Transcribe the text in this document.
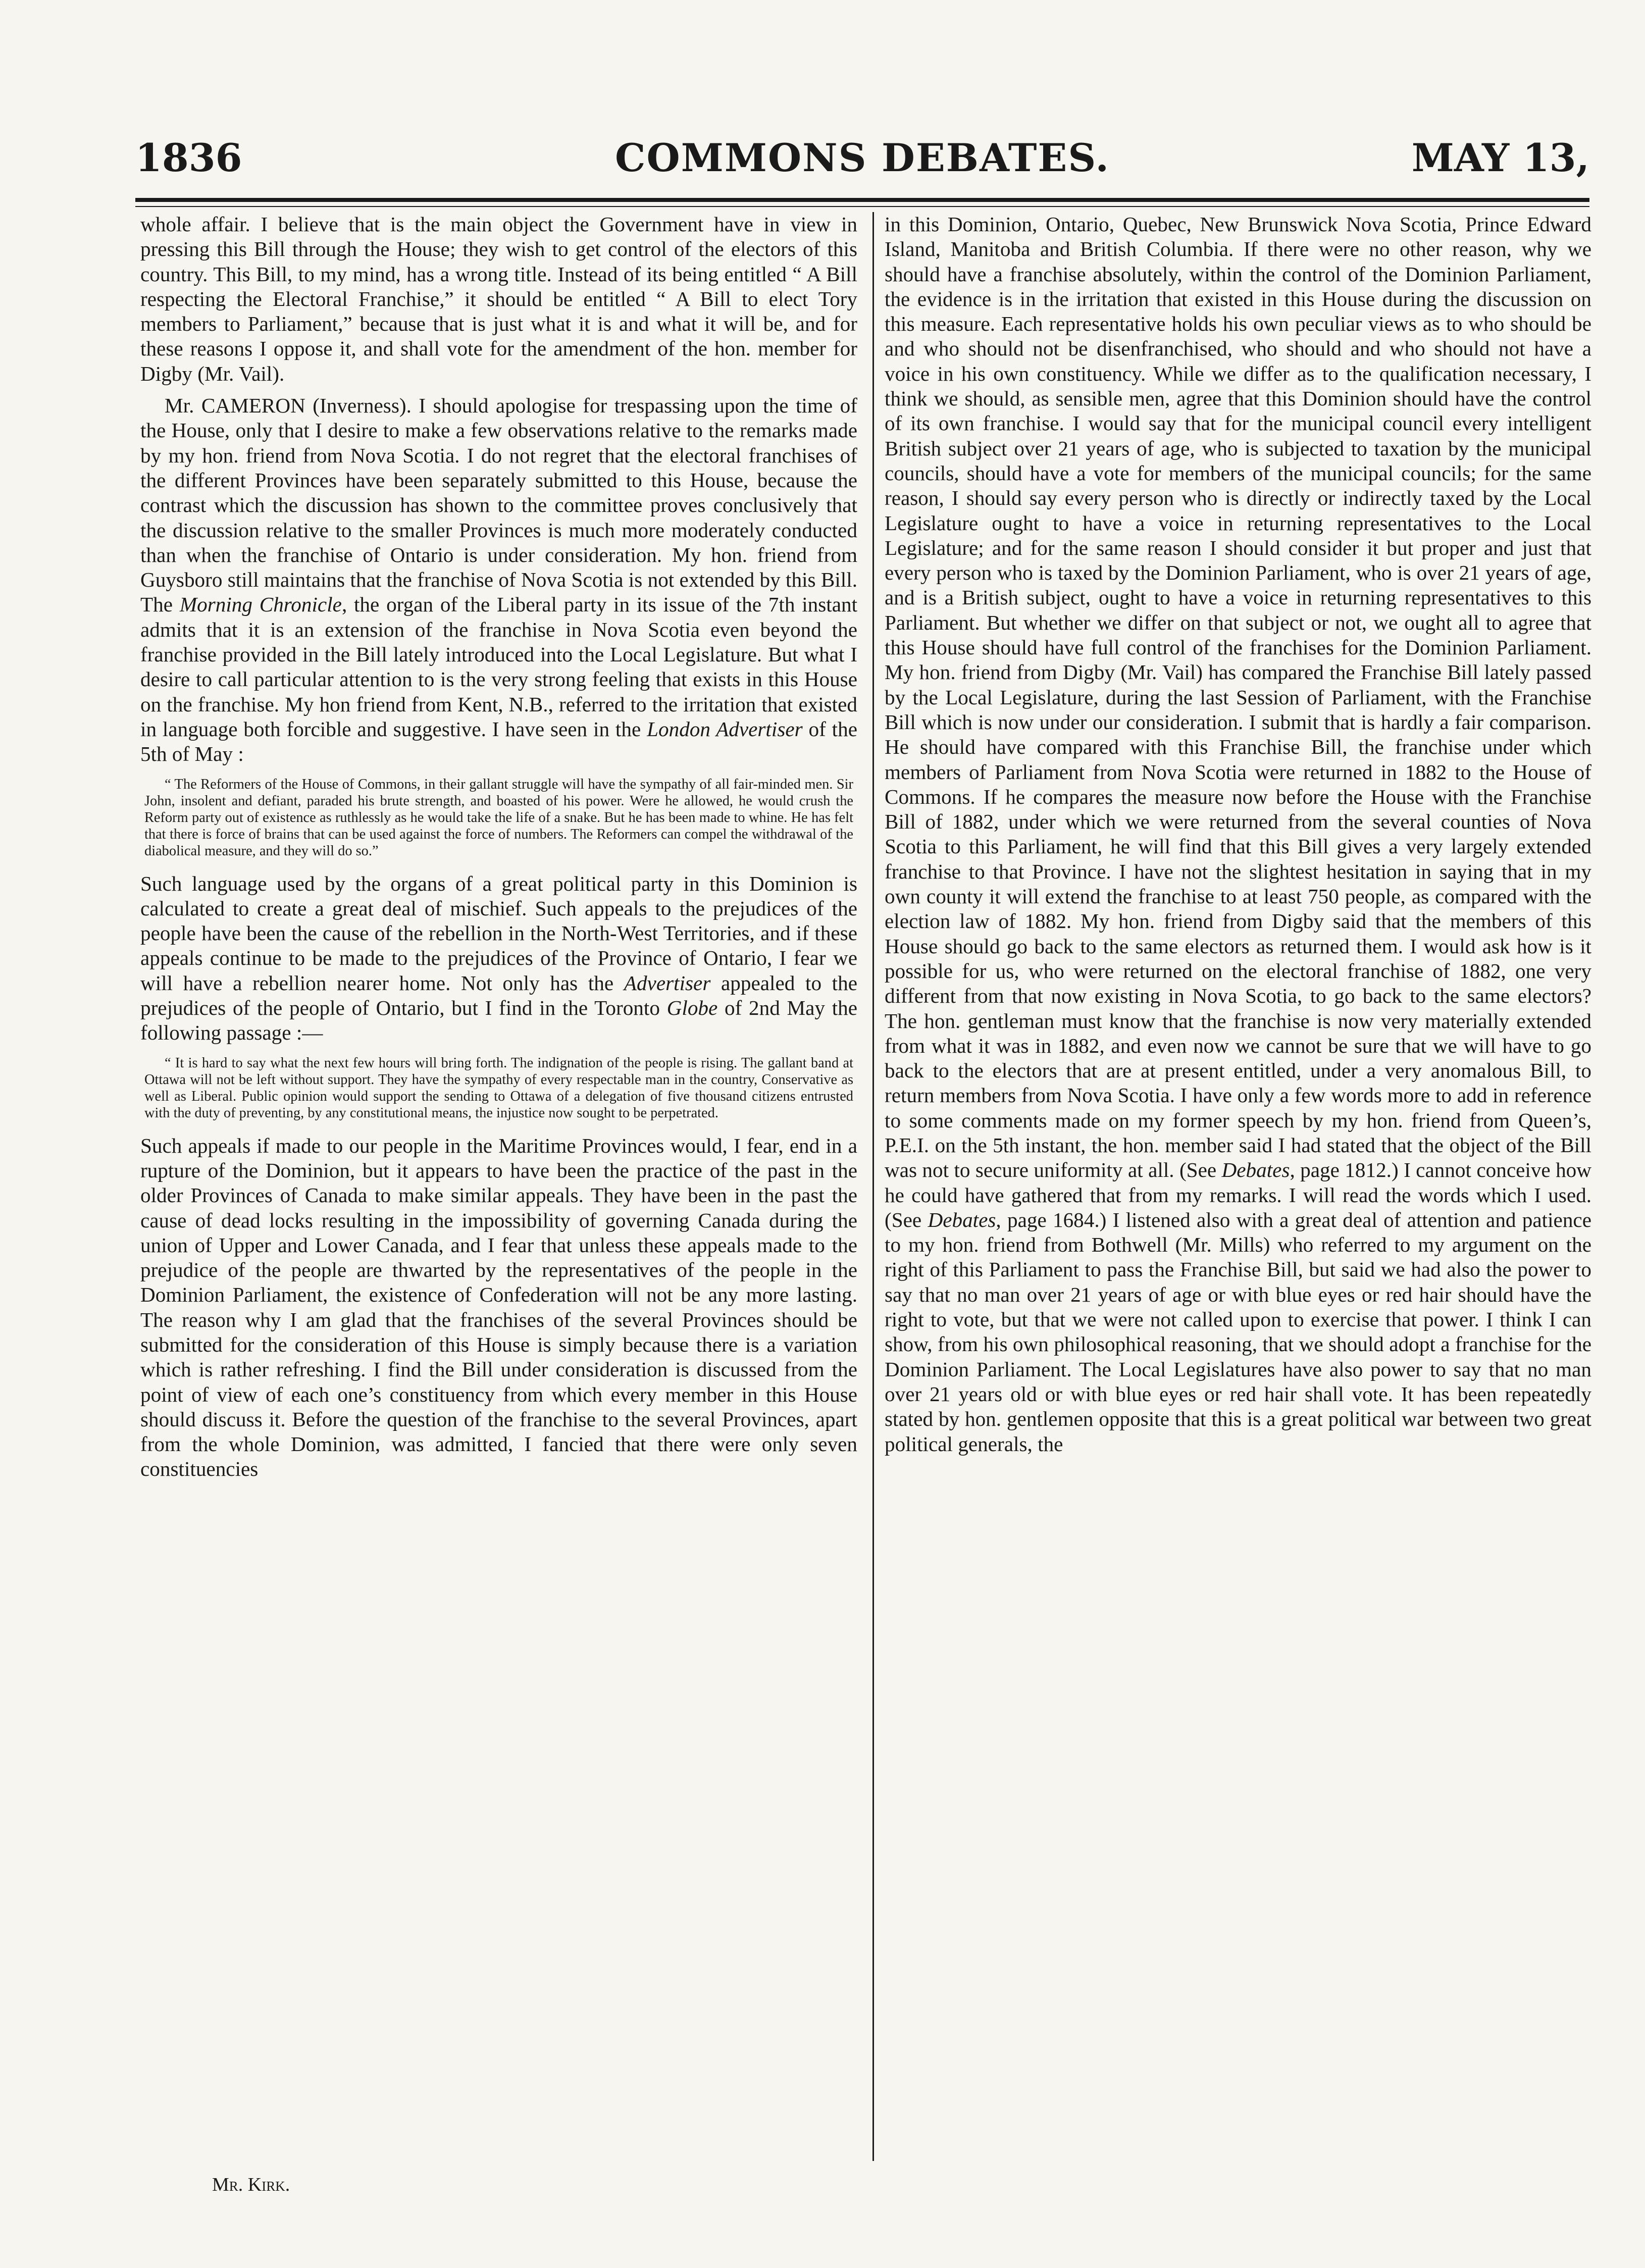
COMMONS DEBATES.
1836	MAY 13,

whole affair. I believe that is the main object the Government have in view in pressing this Bill through the House; they wish to get control of the electors of this country. This Bill, to my mind, has a wrong title. Instead of its being entitled “ A Bill respecting the Electoral Franchise,” it should be entitled “ A Bill to elect Tory members to Parliament,” because that is just what it is and what it will be, and for these reasons I oppose it, and shall vote for the amendment of the hon. member for Digby (Mr. Vail).

Mr. CAMERON (Inverness). I should apologise for trespassing upon the time of the House, only that I desire to make a few observations relative to the remarks made by my hon. friend from Nova Scotia. I do not regret that the electoral franchises of the different Provinces have been separately submitted to this House, because the contrast which the discussion has shown to the committee proves conclusively that the discussion relative to the smaller Provinces is much more moderately conducted than when the franchise of Ontario is under consideration. My hon. friend from Guysboro still maintains that the franchise of Nova Scotia is not extended by this Bill. The Morning Chronicle, the organ of the Liberal party in its issue of the 7th instant admits that it is an extension of the franchise in Nova Scotia even beyond the franchise provided in the Bill lately introduced into the Local Legislature. But what I desire to call particular attention to is the very strong feeling that exists in this House on the franchise. My hon friend from Kent, N.B., referred to the irritation that existed in language both forcible and suggestive. I have seen in the London Advertiser of the 5th of May :

“ The Reformers of the House of Commons, in their gallant struggle will have the sympathy of all fair-minded men. Sir John, insolent and defiant, paraded his brute strength, and boasted of his power. Were he allowed, he would crush the Reform party out of existence as ruthlessly as he would take the life of a snake. But he has been made to whine. He has felt that there is force of brains that can be used against the force of numbers. The Reformers can compel the withdrawal of the diabolical measure, and they will do so.”

Such language used by the organs of a great political party in this Dominion is calculated to create a great deal of mischief. Such appeals to the prejudices of the people have been the cause of the rebellion in the North-West Territories, and if these appeals continue to be made to the prejudices of the Province of Ontario, I fear we will have a rebellion nearer home. Not only has the Advertiser appealed to the prejudices of the people of Ontario, but I find in the Toronto Globe of 2nd May the following passage :—

“ It is hard to say what the next few hours will bring forth. The indignation of the people is rising. The gallant band at Ottawa will not be left without support. They have the sympathy of every respectable man in the country, Conservative as well as Liberal. Public opinion would support the sending to Ottawa of a delegation of five thousand citizens entrusted with the duty of preventing, by any constitutional means, the injustice now sought to be perpetrated.

Such appeals if made to our people in the Maritime Provinces would, I fear, end in a rupture of the Dominion, but it appears to have been the practice of the past in the older Provinces of Canada to make similar appeals. They have been in the past the cause of dead locks resulting in the impossibility of governing Canada during the union of Upper and Lower Canada, and I fear that unless these appeals made to the prejudice of the people are thwarted by the representatives of the people in the Dominion Parliament, the existence of Confederation will not be any more lasting. The reason why I am glad that the franchises of the several Provinces should be submitted for the consideration of this House is simply because there is a variation which is rather refreshing. I find the Bill under consideration is discussed from the point of view of each one’s constituency from which every member in this House should discuss it. Before the question of the franchise to the several Provinces, apart from the whole Dominion, was admitted, I fancied that there were only seven constituencies

in this Dominion, Ontario, Quebec, New Brunswick Nova Scotia, Prince Edward Island, Manitoba and British Columbia. If there were no other reason, why we should have a franchise absolutely, within the control of the Dominion Parliament, the evidence is in the irritation that existed in this House during the discussion on this measure. Each representative holds his own peculiar views as to who should be and who should not be disenfranchised, who should and who should not have a voice in his own constituency. While we differ as to the qualification necessary, I think we should, as sensible men, agree that this Dominion should have the control of its own franchise. I would say that for the municipal council every intelligent British subject over 21 years of age, who is subjected to taxation by the municipal councils, should have a vote for members of the municipal councils; for the same reason, I should say every person who is directly or indirectly taxed by the Local Legislature ought to have a voice in returning representatives to the Local Legislature; and for the same reason I should consider it but proper and just that every person who is taxed by the Dominion Parliament, who is over 21 years of age, and is a British subject, ought to have a voice in returning representatives to this Parliament. But whether we differ on that subject or not, we ought all to agree that this House should have full control of the franchises for the Dominion Parliament. My hon. friend from Digby (Mr. Vail) has compared the Franchise Bill lately passed by the Local Legislature, during the last Session of Parliament, with the Franchise Bill which is now under our consideration. I submit that is hardly a fair comparison. He should have compared with this Franchise Bill, the franchise under which members of Parliament from Nova Scotia were returned in 1882 to the House of Commons. If he compares the measure now before the House with the Franchise Bill of 1882, under which we were returned from the several counties of Nova Scotia to this Parliament, he will find that this Bill gives a very largely extended franchise to that Province. I have not the slightest hesitation in saying that in my own county it will extend the franchise to at least 750 people, as compared with the election law of 1882. My hon. friend from Digby said that the members of this House should go back to the same electors as returned them. I would ask how is it possible for us, who were returned on the electoral franchise of 1882, one very different from that now existing in Nova Scotia, to go back to the same electors? The hon. gentleman must know that the franchise is now very materially extended from what it was in 1882, and even now we cannot be sure that we will have to go back to the electors that are at present entitled, under a very anomalous Bill, to return members from Nova Scotia. I have only a few words more to add in reference to some comments made on my former speech by my hon. friend from Queen’s, P.E.I. on the 5th instant, the hon. member said I had stated that the object of the Bill was not to secure uniformity at all. (See Debates, page 1812.) I cannot conceive how he could have gathered that from my remarks. I will read the words which I used. (See Debates, page 1684.) I listened also with a great deal of attention and patience to my hon. friend from Bothwell (Mr. Mills) who referred to my argument on the right of this Parliament to pass the Franchise Bill, but said we had also the power to say that no man over 21 years of age or with blue eyes or red hair should have the right to vote, but that we were not called upon to exercise that power. I think I can show, from his own philosophical reasoning, that we should adopt a franchise for the Dominion Parliament. The Local Legislatures have also power to say that no man over 21 years old or with blue eyes or red hair shall vote. It has been repeatedly stated by hon. gentlemen opposite that this is a great political war between two great political generals, the

Mr. Kirk.
